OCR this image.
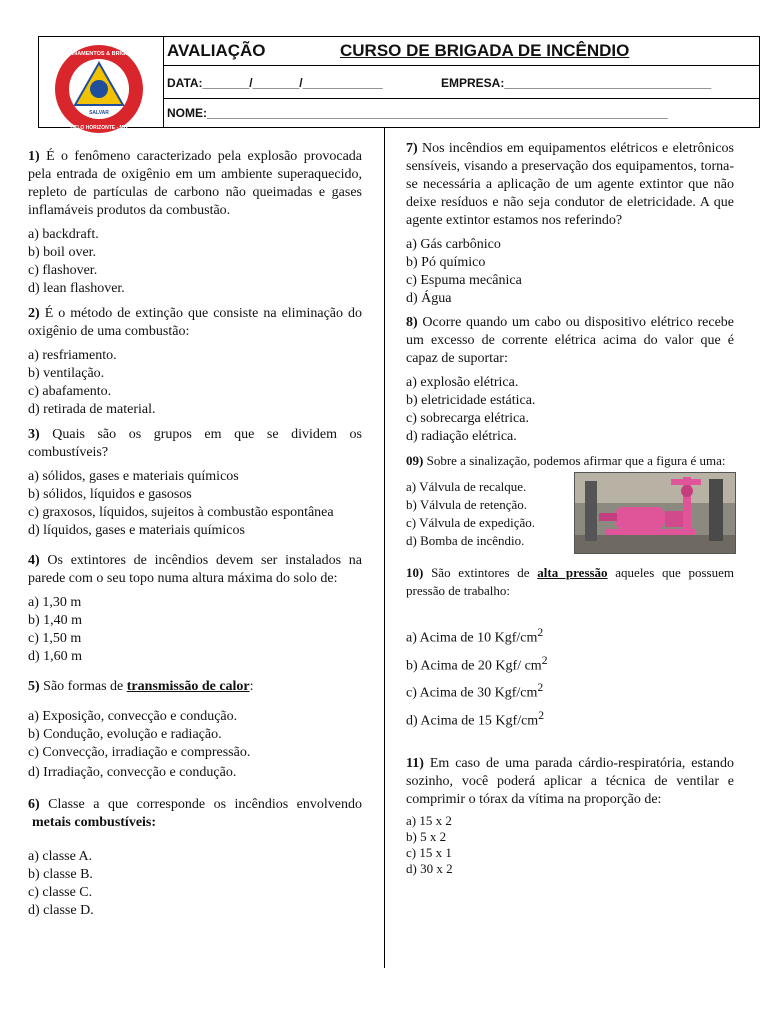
SALVAR
TREINAMENTOS & BRIGADA
BELO HORIZONTE - MG
AVALIAÇÃO	CURSO DE BRIGADA DE INCÊNDIO
DATA:_______/_______/____________	EMPRESA:_______________________________
NOME:_____________________________________________________________________

1) É o fenômeno caracterizado pela explosão provocada pela entrada de oxigênio em um ambiente superaquecido, repleto de partículas de carbono não queimadas e gases inflamáveis produtos da combustão.

a) backdraft.
b) boil over.
c) flashover.
d) lean flashover.

2) É o método de extinção que consiste na eliminação do oxigênio de uma combustão:

a) resfriamento.
b) ventilação.
c) abafamento.
d) retirada de material.

3) Quais são os grupos em que se dividem os combustíveis?

a) sólidos, gases e materiais químicos
b) sólidos, líquidos e gasosos
c) graxosos, líquidos, sujeitos à combustão espontânea
d) líquidos, gases e materiais químicos

4) Os extintores de incêndios devem ser instalados na parede com o seu topo numa altura máxima do solo de:

a) 1,30 m
b) 1,40 m
c) 1,50 m
d) 1,60 m

5) São formas de transmissão de calor:

a) Exposição, convecção e condução.
b) Condução, evolução e radiação.
c) Convecção, irradiação e compressão.
d) Irradiação, convecção e condução.

6) Classe a que corresponde os incêndios envolvendo metais combustíveis:

a) classe A.
b) classe B.
c) classe C.
d) classe D.

7) Nos incêndios em equipamentos elétricos e eletrônicos sensíveis, visando a preservação dos equipamentos, torna-se necessária a aplicação de um agente extintor que não deixe resíduos e não seja condutor de eletricidade. A que agente extintor estamos nos referindo?

a) Gás carbônico
b) Pó químico
c) Espuma mecânica
d) Água

8) Ocorre quando um cabo ou dispositivo elétrico recebe um excesso de corrente elétrica acima do valor que é capaz de suportar:

a) explosão elétrica.
b) eletricidade estática.
c) sobrecarga elétrica.
d) radiação elétrica.

09) Sobre a sinalização, podemos afirmar que a figura é uma:

a) Válvula de recalque.
b) Válvula de retenção.
c) Válvula de expedição.
d) Bomba de incêndio.

10) São extintores de alta pressão aqueles que possuem pressão de trabalho:

a) Acima de 10 Kgf/$cm^2$
b) Acima de 20 Kgf/ $cm^2$
c) Acima de 30 Kgf/$cm^2$
d) Acima de 15 Kgf/$cm^2$

11) Em caso de uma parada cárdio-respiratória, estando sozinho, você poderá aplicar a técnica de ventilar e comprimir o tórax da vítima na proporção de:

a) 15 x 2
b) 5 x 2
c) 15 x 1
d) 30 x 2
